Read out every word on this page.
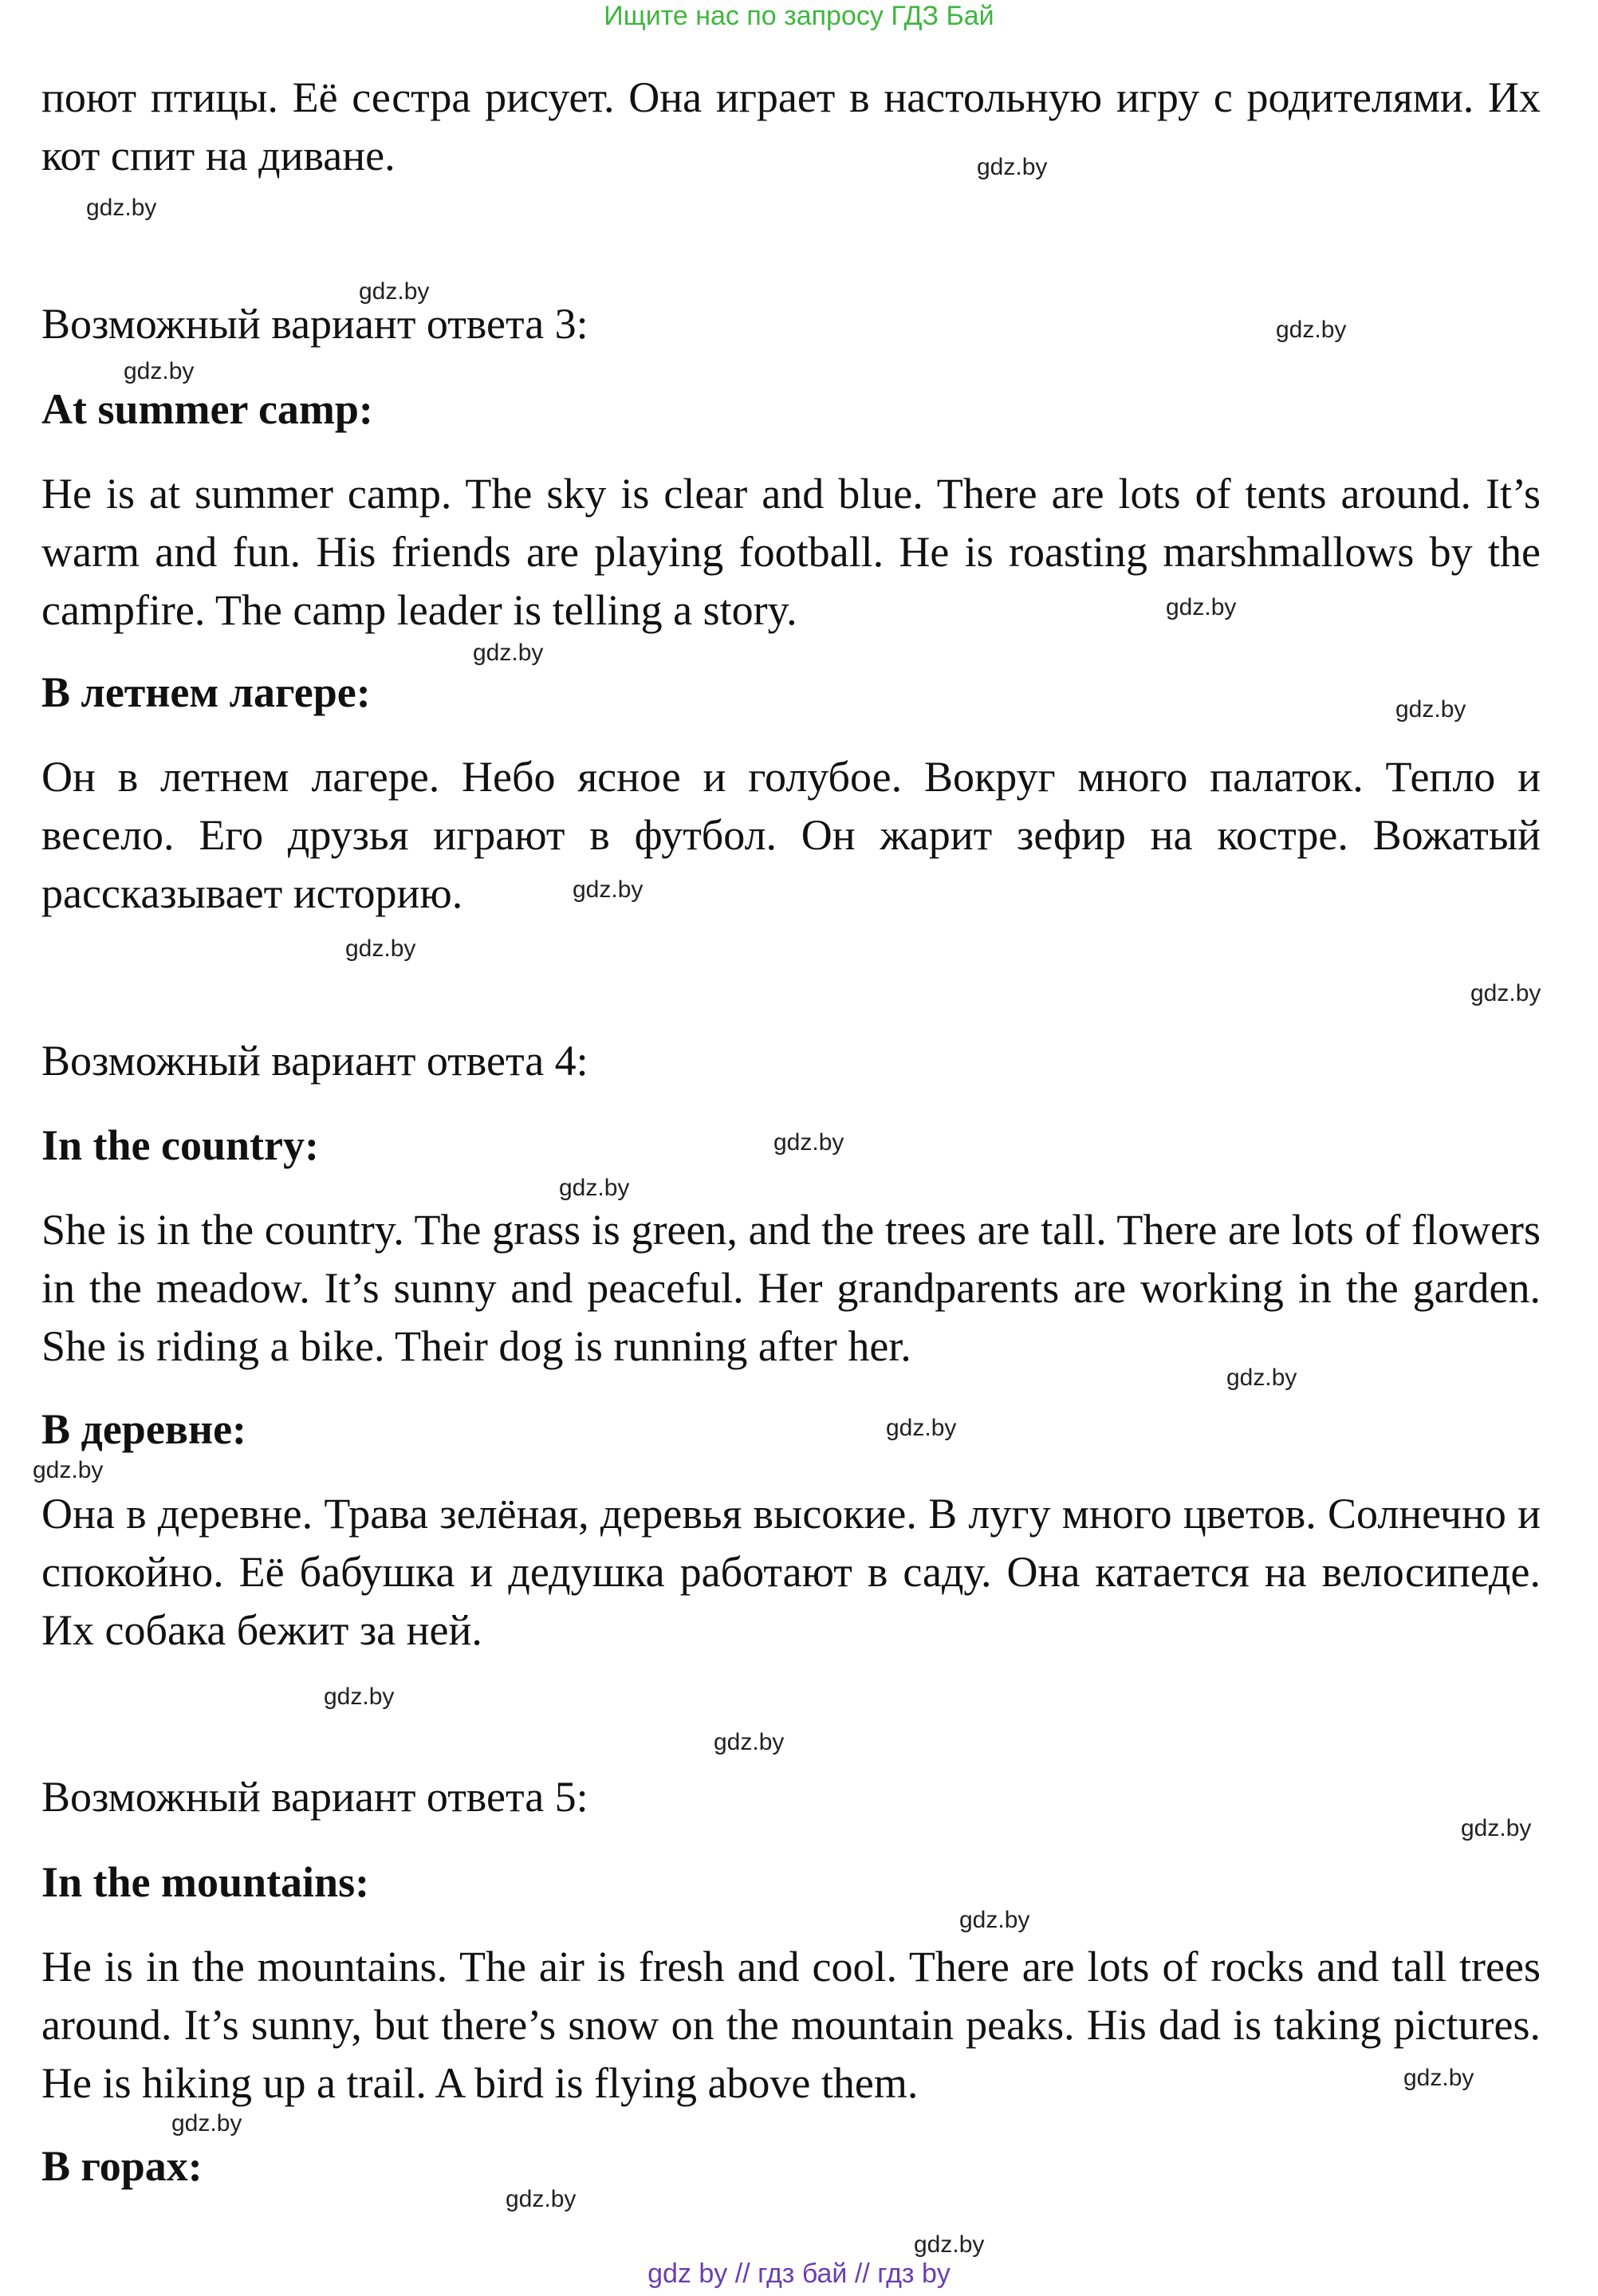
Ищите нас по запросу ГДЗ Бай

поют птицы. Её сестра рисует. Она играет в настольную игру с родителями. Их кот спит на диване.

Возможный вариант ответа 3:
At summer camp:

He is at summer camp. The sky is clear and blue. There are lots of tents around. It’s warm and fun. His friends are playing football. He is roasting marshmallows by the campfire. The camp leader is telling a story.

В летнем лагере:

Он в летнем лагере. Небо ясное и голубое. Вокруг много палаток. Тепло и весело. Его друзья играют в футбол. Он жарит зефир на костре. Вожатый рассказывает историю.

Возможный вариант ответа 4:
In the country:

She is in the country. The grass is green, and the trees are tall. There are lots of flowers in the meadow. It’s sunny and peaceful. Her grandparents are working in the garden. She is riding a bike. Their dog is running after her.

В деревне:

Она в деревне. Трава зелёная, деревья высокие. В лугу много цветов. Солнечно и спокойно. Её бабушка и дедушка работают в саду. Она катается на велосипеде. Их собака бежит за ней.

Возможный вариант ответа 5:
In the mountains:

He is in the mountains. The air is fresh and cool. There are lots of rocks and tall trees around. It’s sunny, but there’s snow on the mountain peaks. His dad is taking pictures. He is hiking up a trail. A bird is flying above them.

В горах:
gdz.by
gdz.by
gdz.by
gdz.by
gdz.by
gdz.by
gdz.by
gdz.by
gdz.by
gdz.by
gdz.by
gdz.by
gdz.by
gdz.by
gdz.by
gdz.by
gdz.by
gdz.by
gdz.by
gdz.by
gdz.by
gdz.by
gdz.by
gdz.by
gdz by // гдз бай // гдз by
